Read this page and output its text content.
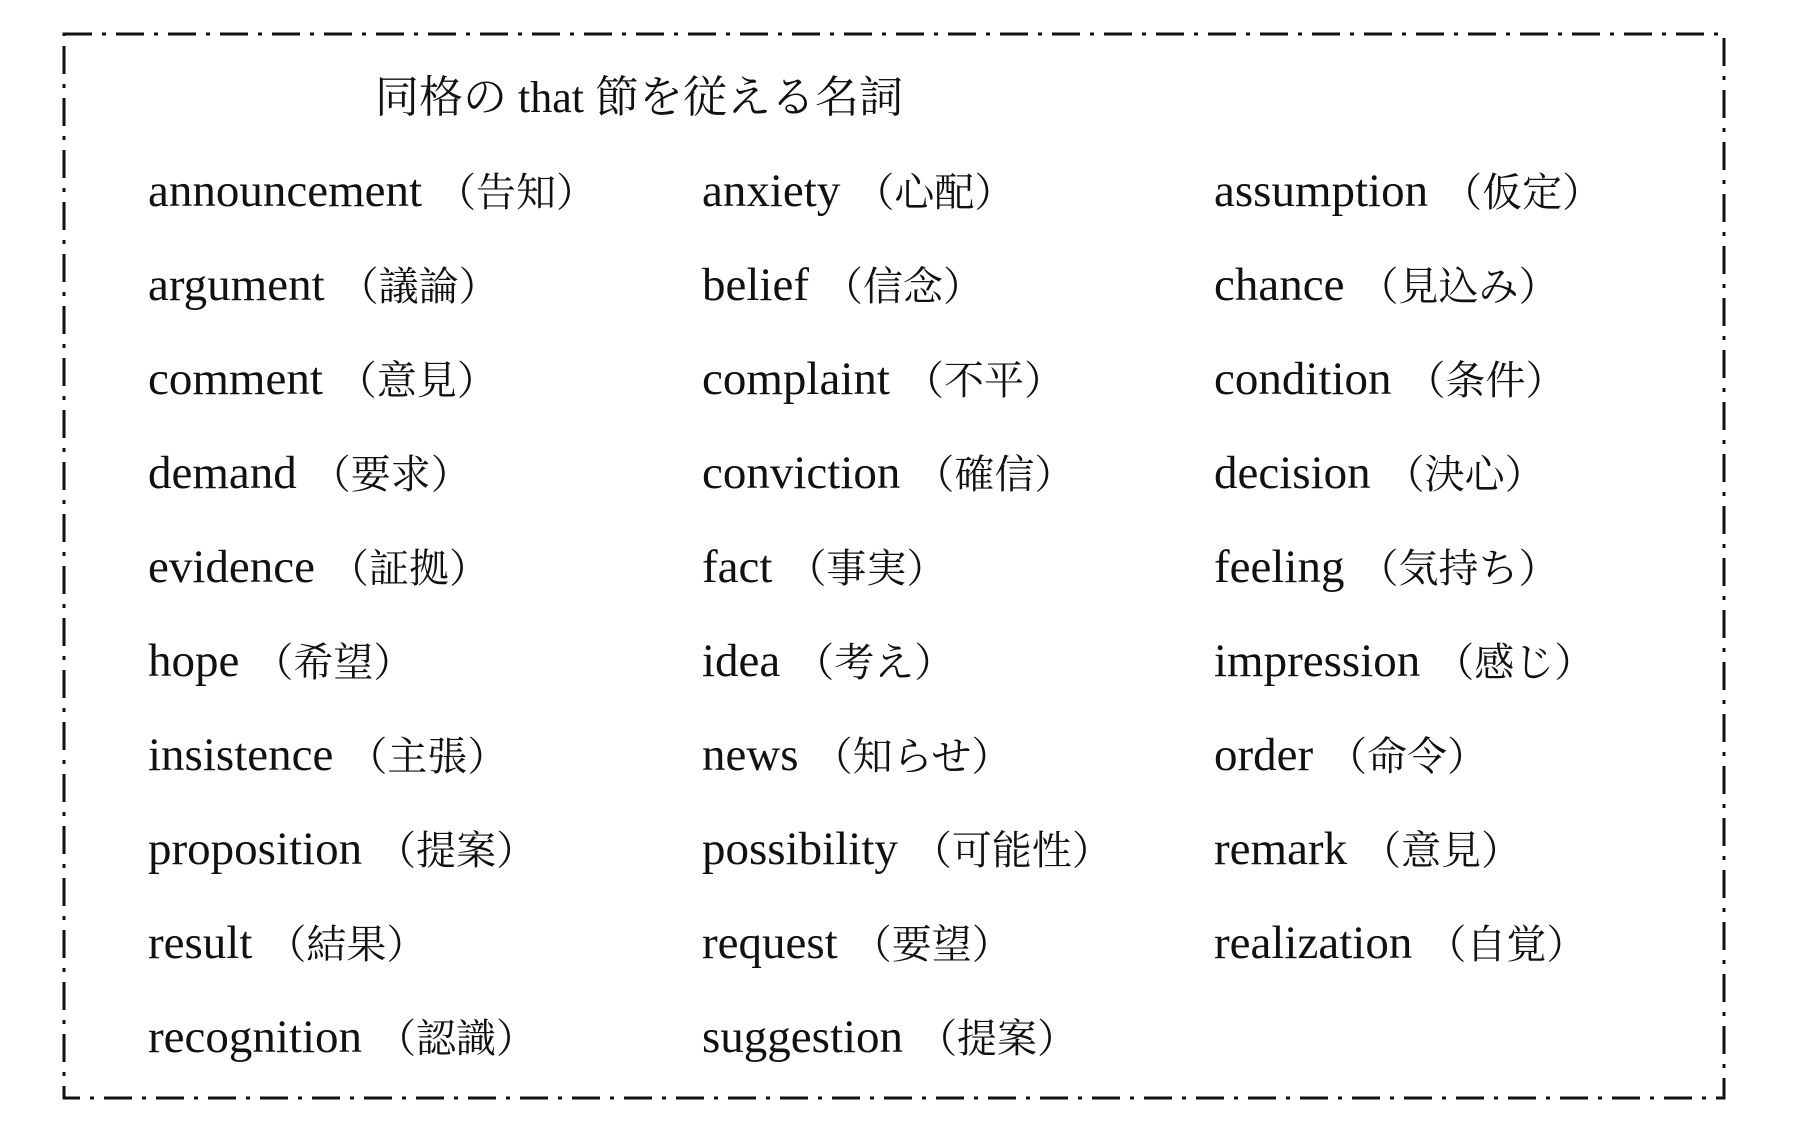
同格の that 節を従える名詞
announcement （告知） anxiety （心配）	assumption （仮定）
argument （議論）	belief （信念）	chance （見込み）
comment （意見）	complaint （不平）	condition （条件）
demand （要求）	conviction （確信）	decision （決心）
evidence （証拠）	fact （事実）	feeling （気持ち）
hope （希望）	idea （考え）	impression （感じ）
insistence （主張）	news （知らせ）	order （命令）
proposition （提案）	possibility （可能性） remark （意見）
result （結果）	request （要望）	realization （自覚）
recognition （認識）	suggestion （提案）
